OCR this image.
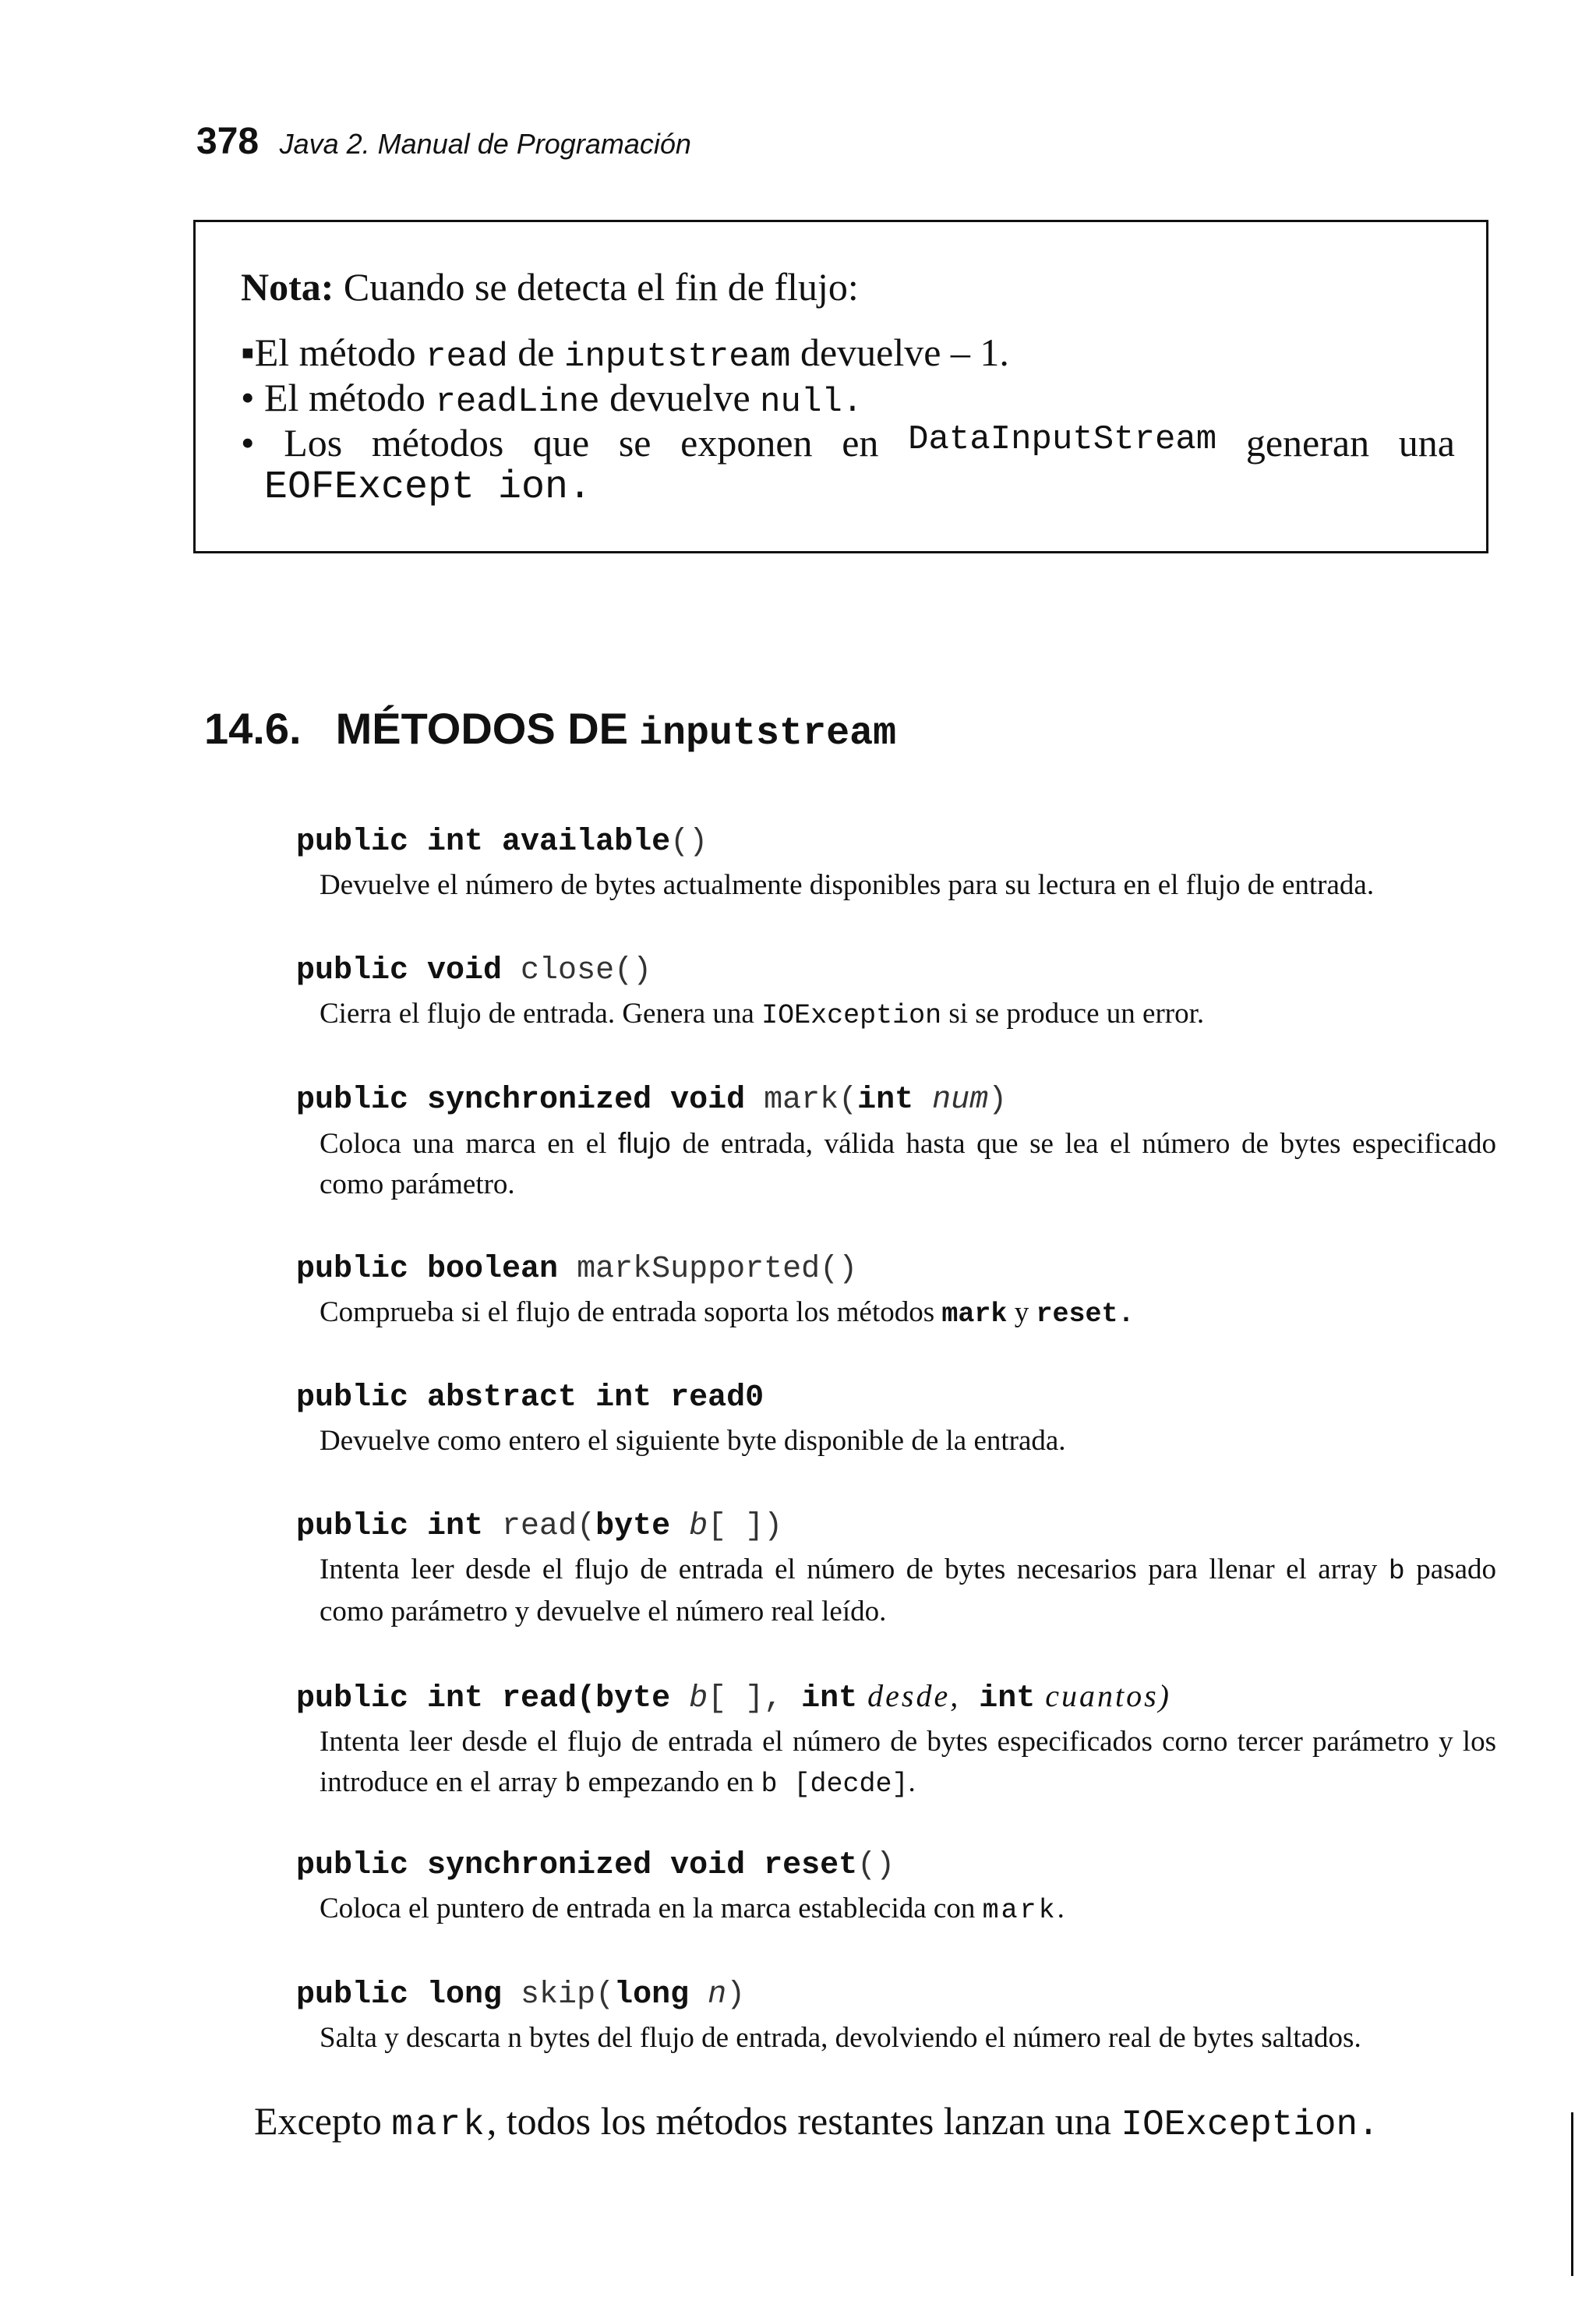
378 Java 2. Manual de Programación
Nota: Cuando se detecta el fin de flujo:
▪El método read de inputstream devuelve – 1.
• El método readLine devuelve null.
• Los métodos que se exponen en DataInputStream generan una
EOFExcept ion.
14.6. MÉTODOS DE inputstream
public int available()
Devuelve el número de bytes actualmente disponibles para su lectura en el flujo de entrada.
public void close()
Cierra el flujo de entrada. Genera una IOException si se produce un error.
public synchronized void mark(int num)
Coloca una marca en el flujo de entrada, válida hasta que se lea el número de bytes especificado como parámetro.
public boolean markSupported()
Comprueba si el flujo de entrada soporta los métodos mark y reset.
public abstract int read0
Devuelve como entero el siguiente byte disponible de la entrada.
public int read(byte b[ ])
Intenta leer desde el flujo de entrada el número de bytes necesarios para llenar el array b pasado como parámetro y devuelve el número real leído.
public int read(byte b[ ], int desde, int cuantos)
Intenta leer desde el flujo de entrada el número de bytes especificados corno tercer parámetro y los introduce en el array b empezando en b [decde].
public synchronized void reset()
Coloca el puntero de entrada en la marca establecida con mark.
public long skip(long n)
Salta y descarta n bytes del flujo de entrada, devolviendo el número real de bytes saltados.
Excepto mark, todos los métodos restantes lanzan una IOException.
